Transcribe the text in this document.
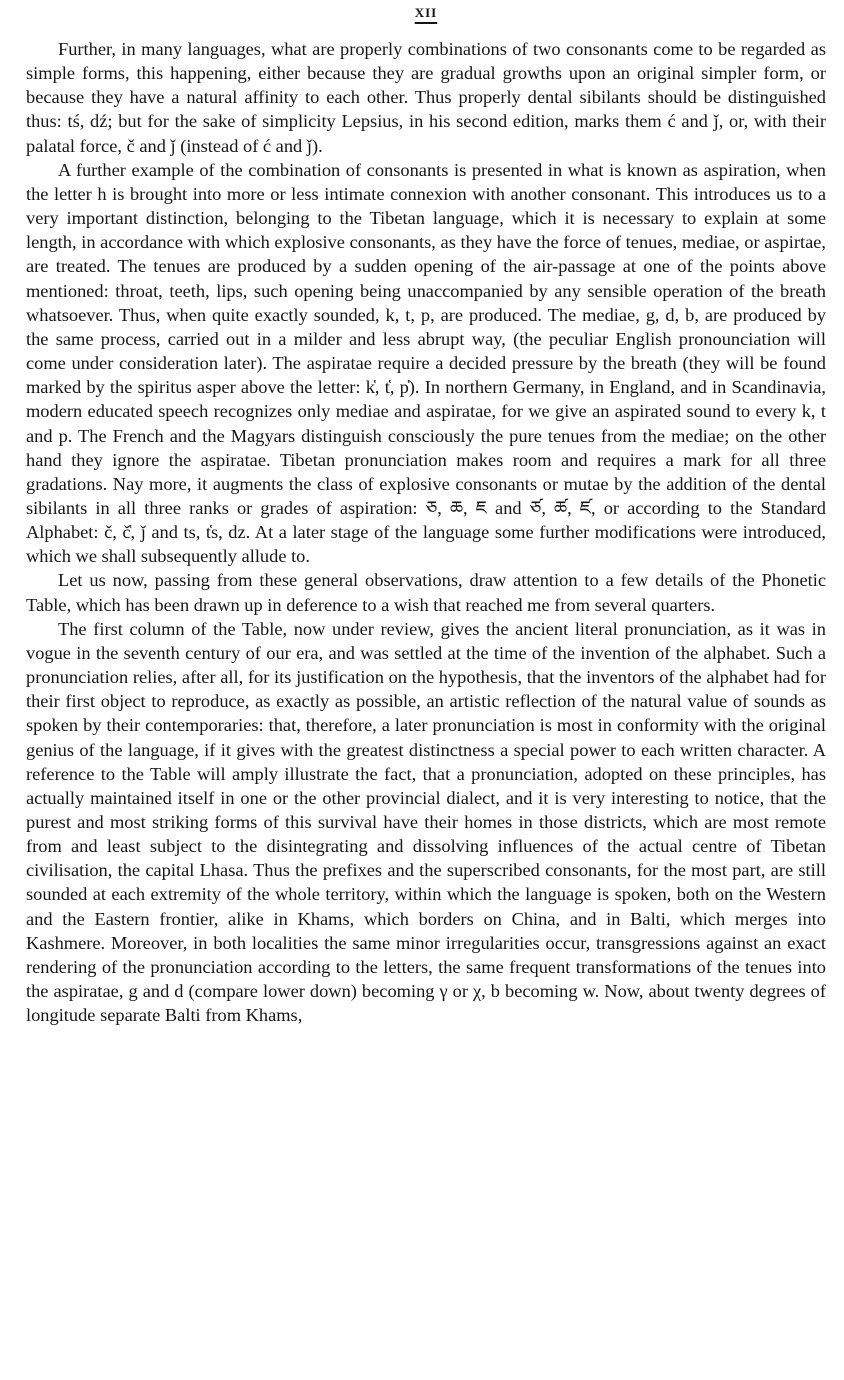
XII

Further, in many languages, what are properly combinations of two consonants come to be regarded as simple forms, this happening, either because they are gradual growths upon an original simpler form, or because they have a natural affinity to each other. Thus properly dental sibilants should be distinguished thus: tś, dź; but for the sake of simplicity Lepsius, in his second edition, marks them ć and ǰ, or, with their palatal force, č and ǰ (instead of ć and ǰ).

A further example of the combination of consonants is presented in what is known as aspiration, when the letter h is brought into more or less intimate connexion with another consonant. This introduces us to a very important distinction, belonging to the Tibetan language, which it is necessary to explain at some length, in accordance with which explosive consonants, as they have the force of tenues, mediae, or aspirtae, are treated. The tenues are produced by a sudden opening of the air-passage at one of the points above mentioned: throat, teeth, lips, such opening being unaccompanied by any sensible operation of the breath whatsoever. Thus, when quite exactly sounded, k, t, p, are produced. The mediae, g, d, b, are produced by the same process, carried out in a milder and less abrupt way, (the peculiar English pronounciation will come under consideration later). The aspiratae require a decided pressure by the breath (they will be found marked by the spiritus asper above the letter: k̔, t̔, p̔). In northern Germany, in England, and in Scandinavia, modern educated speech recognizes only mediae and aspiratae, for we give an aspirated sound to every k, t and p. The French and the Magyars distinguish consciously the pure tenues from the mediae; on the other hand they ignore the aspiratae. Tibetan pronunciation makes room and requires a mark for all three gradations. Nay more, it augments the class of explosive consonants or mutae by the addition of the dental sibilants in all three ranks or grades of aspiration: ཅ, ཆ, ཇ and ཙ, ཚ, ཛ, or according to the Standard Alphabet: č, č̔, ǰ and ts, t̔s, dz. At a later stage of the language some further modifications were introduced, which we shall subsequently allude to.

Let us now, passing from these general observations, draw attention to a few details of the Phonetic Table, which has been drawn up in deference to a wish that reached me from several quarters.

The first column of the Table, now under review, gives the ancient literal pronunciation, as it was in vogue in the seventh century of our era, and was settled at the time of the invention of the alphabet. Such a pronunciation relies, after all, for its justification on the hypothesis, that the inventors of the alphabet had for their first object to reproduce, as exactly as possible, an artistic reflection of the natural value of sounds as spoken by their contemporaries: that, therefore, a later pronunciation is most in conformity with the original genius of the language, if it gives with the greatest distinctness a special power to each written character. A reference to the Table will amply illustrate the fact, that a pronunciation, adopted on these principles, has actually maintained itself in one or the other provincial dialect, and it is very interesting to notice, that the purest and most striking forms of this survival have their homes in those districts, which are most remote from and least subject to the disintegrating and dissolving influences of the actual centre of Tibetan civilisation, the capital Lhasa. Thus the prefixes and the superscribed consonants, for the most part, are still sounded at each extremity of the whole territory, within which the language is spoken, both on the Western and the Eastern frontier, alike in Khams, which borders on China, and in Balti, which merges into Kashmere. Moreover, in both localities the same minor irregularities occur, transgressions against an exact rendering of the pronunciation according to the letters, the same frequent transformations of the tenues into the aspiratae, g and d (compare lower down) becoming γ or χ, b becoming w. Now, about twenty degrees of longitude separate Balti from Khams,
